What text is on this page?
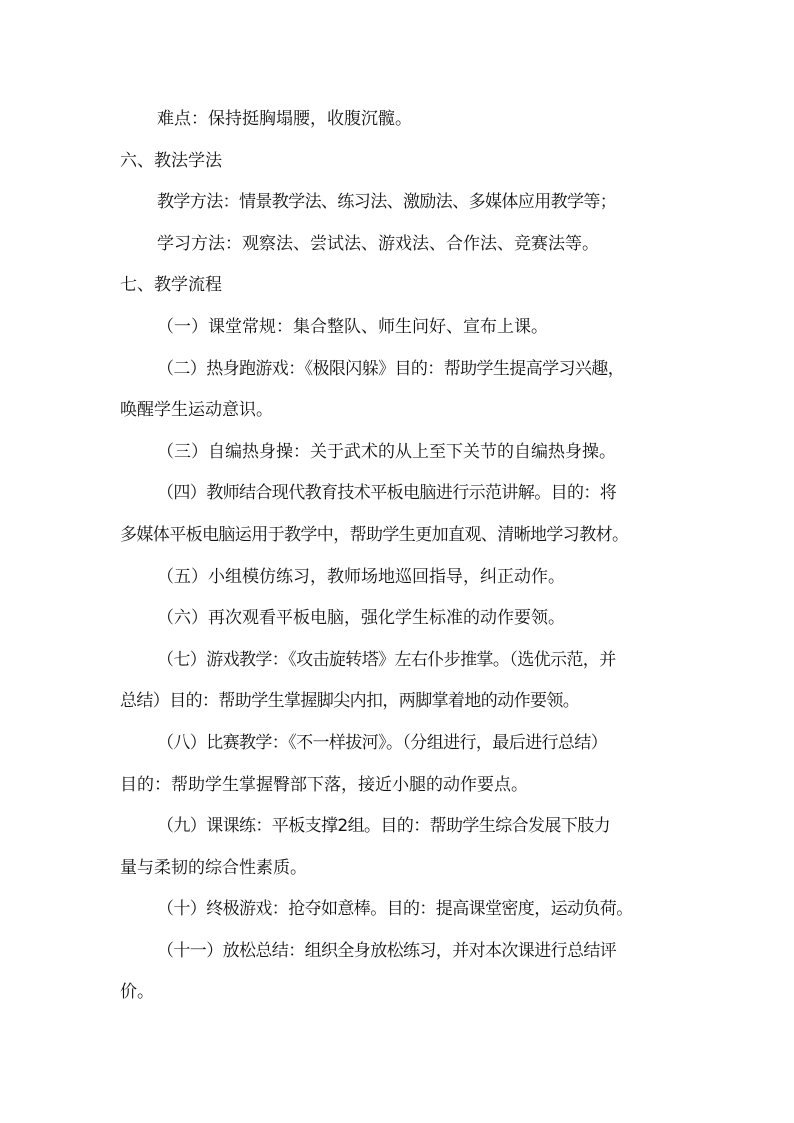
难点：保持挺胸塌腰，收腹沉髋。
六、教法学法
教学方法：情景教学法、练习法、激励法、多媒体应用教学等；
学习方法：观察法、尝试法、游戏法、合作法、竞赛法等。
七、教学流程
（一）课堂常规：集合整队、师生问好、宣布上课。
（二）热身跑游戏：《极限闪躲》目的：帮助学生提高学习兴趣，
唤醒学生运动意识。
（三）自编热身操：关于武术的从上至下关节的自编热身操。
（四）教师结合现代教育技术平板电脑进行示范讲解。目的：将
多媒体平板电脑运用于教学中，帮助学生更加直观、清晰地学习教材。
（五）小组模仿练习，教师场地巡回指导，纠正动作。
（六）再次观看平板电脑，强化学生标准的动作要领。
（七）游戏教学：《攻击旋转塔》左右仆步推掌。（选优示范，并
总结）目的：帮助学生掌握脚尖内扣，两脚掌着地的动作要领。
（八）比赛教学：《不一样拔河》。（分组进行，最后进行总结）
目的：帮助学生掌握臀部下落，接近小腿的动作要点。
（九）课课练：平板支撑2组。目的：帮助学生综合发展下肢力
量与柔韧的综合性素质。
（十）终极游戏：抢夺如意棒。目的：提高课堂密度，运动负荷。
（十一）放松总结：组织全身放松练习，并对本次课进行总结评
价。
